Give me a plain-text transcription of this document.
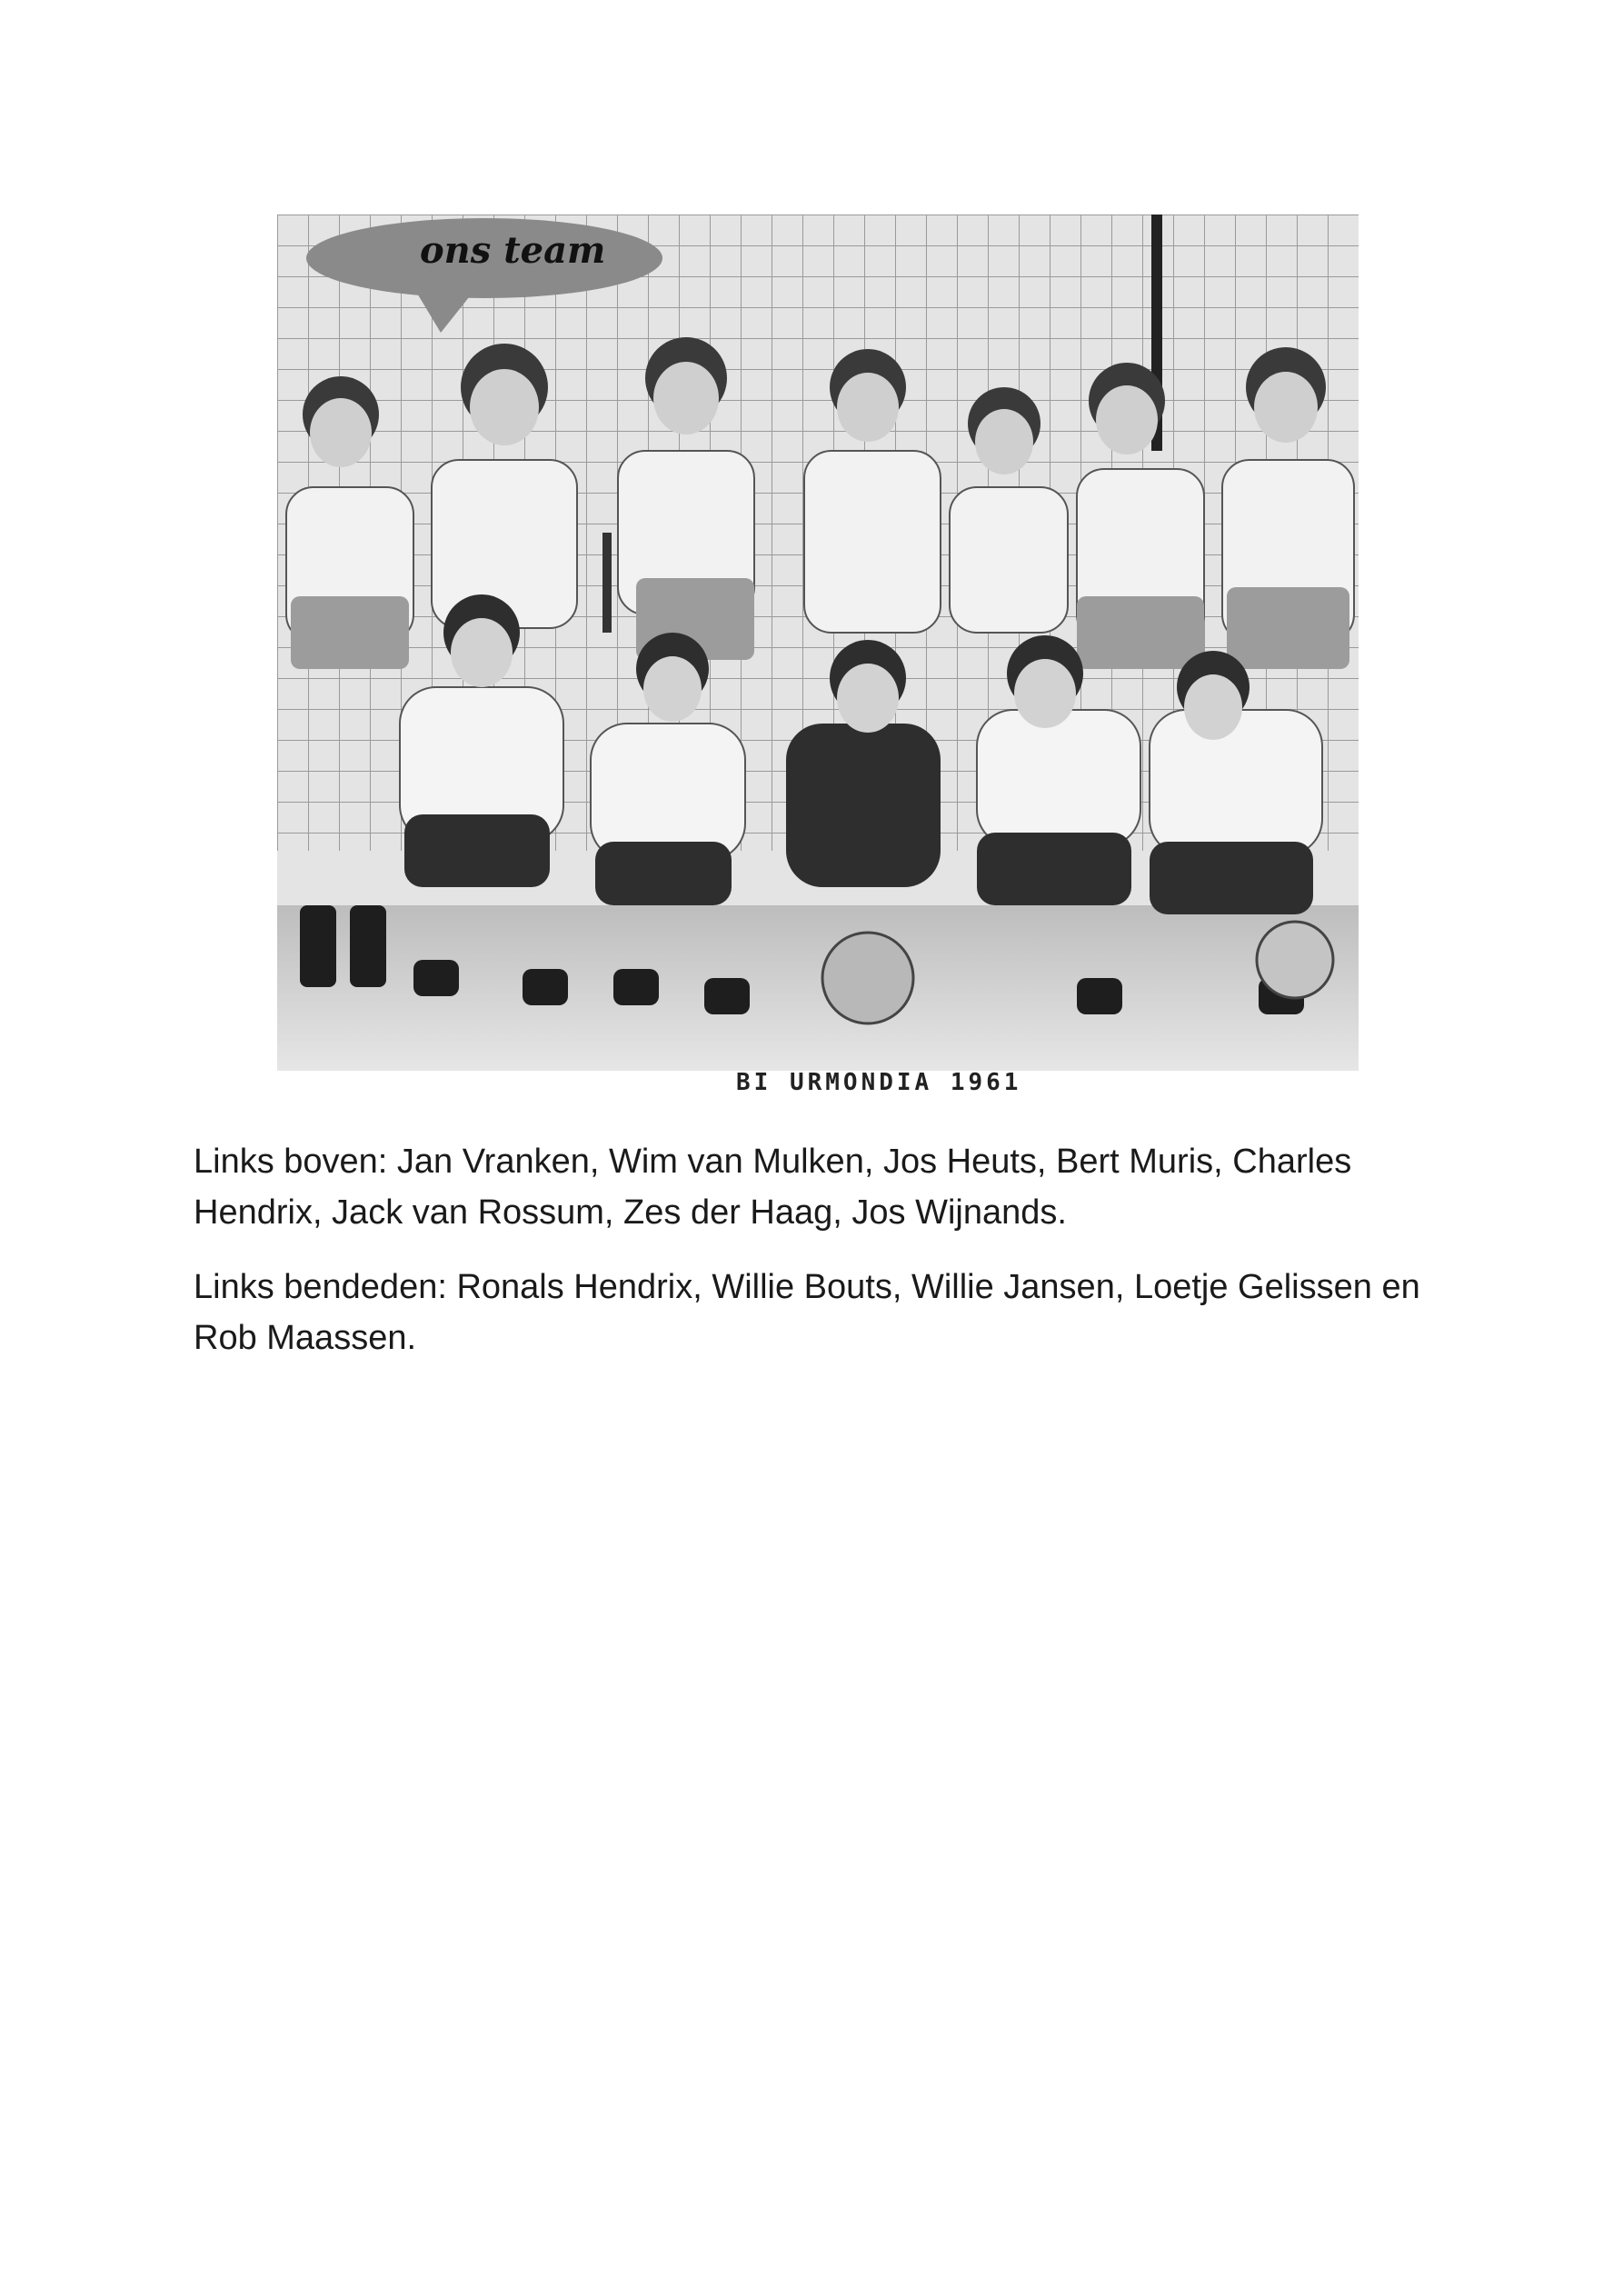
ons team
BI URMONDIA 1961

Links boven: Jan Vranken, Wim van Mulken, Jos Heuts, Bert Muris, Charles Hendrix, Jack van Rossum, Zes der Haag, Jos Wijnands.

Links bendeden: Ronals Hendrix, Willie Bouts, Willie Jansen, Loetje Gelissen en Rob Maassen.
